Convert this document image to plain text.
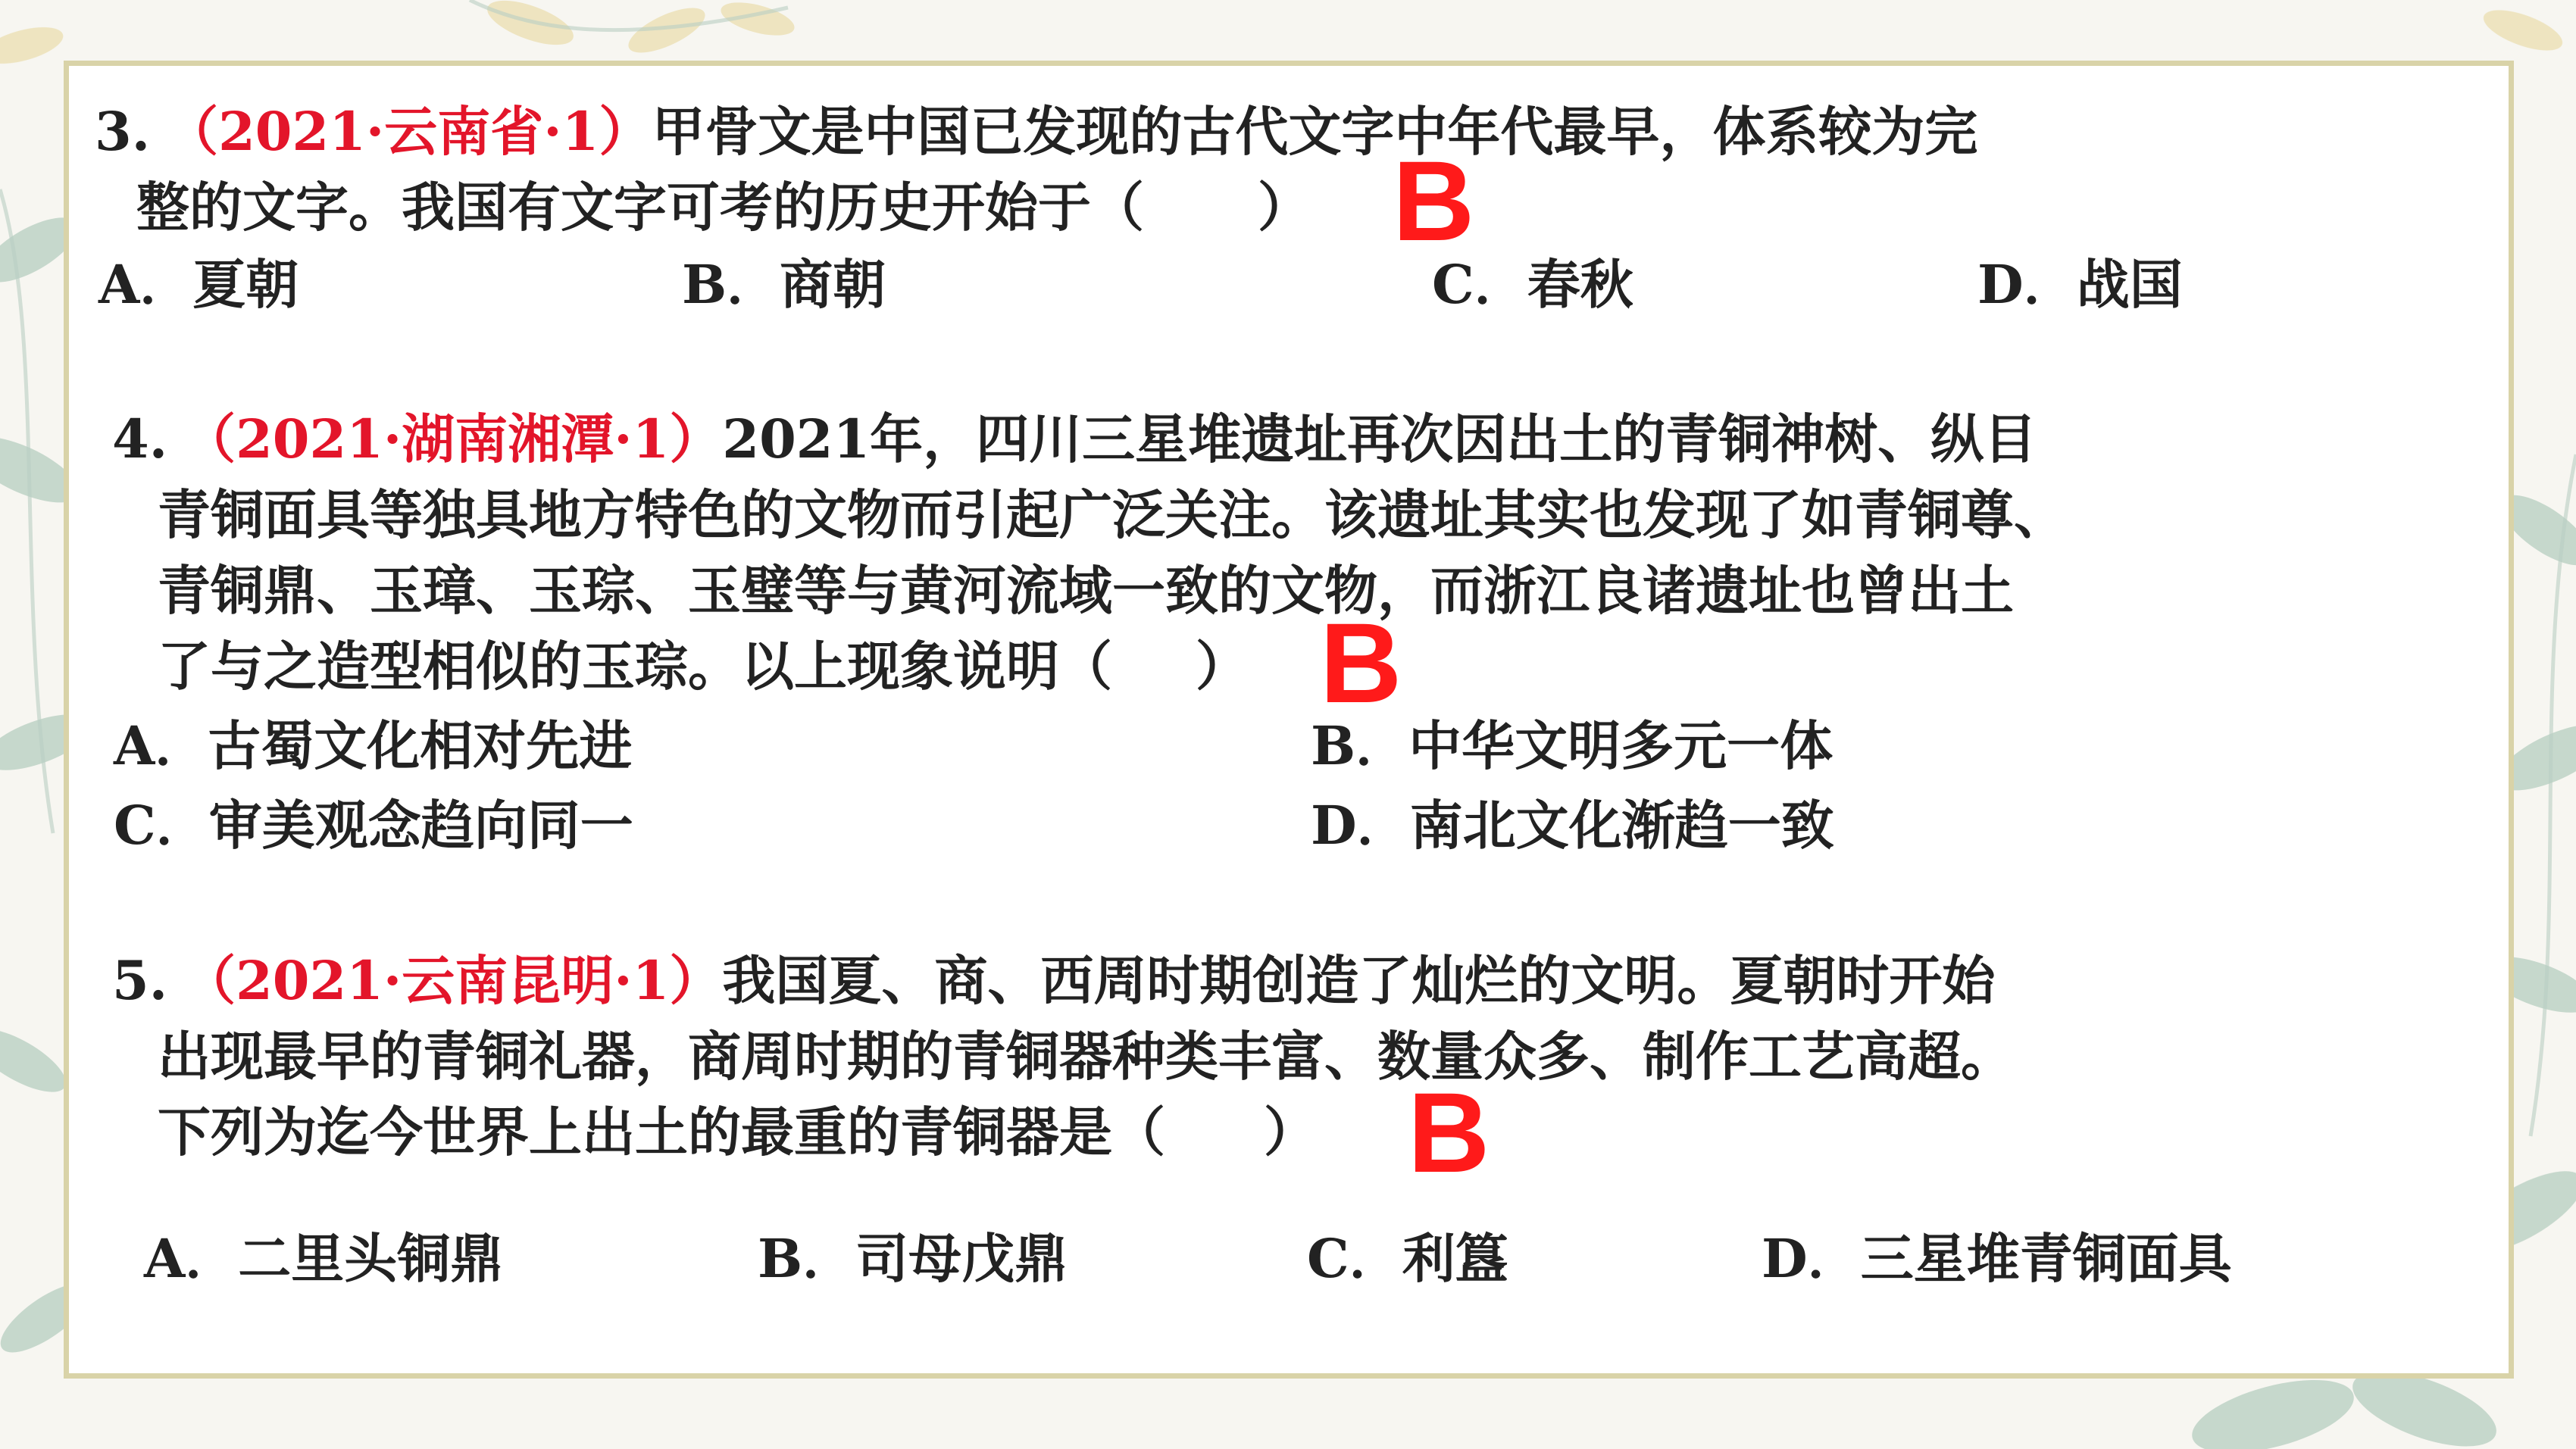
3. （2021·云南省·1）甲骨文是中国已发现的古代文字中年代最早，体系较为完
整的文字。我国有文字可考的历史开始于（ ） B
A．夏朝	B．商朝	C．春秋	D．战国
4. （2021·湖南湘潭·1）2021年，四川三星堆遗址再次因出土的青铜神树、纵目
青铜面具等独具地方特色的文物而引起广泛关注。该遗址其实也发现了如青铜尊、
青铜鼎、玉璋、玉琮、玉璧等与黄河流域一致的文物，而浙江良诸遗址也曾出土
了与之造型相似的玉琮。以上现象说明（ ） B
A．古蜀文化相对先进	B．中华文明多元一体
C．审美观念趋向同一	D．南北文化渐趋一致
5. （2021·云南昆明·1）我国夏、商、西周时期创造了灿烂的文明。夏朝时开始
出现最早的青铜礼器，商周时期的青铜器种类丰富、数量众多、制作工艺高超。
下列为迄今世界上出土的最重的青铜器是（ ） B
A．二里头铜鼎	B．司母戊鼎	C．利簋	D．三星堆青铜面具
